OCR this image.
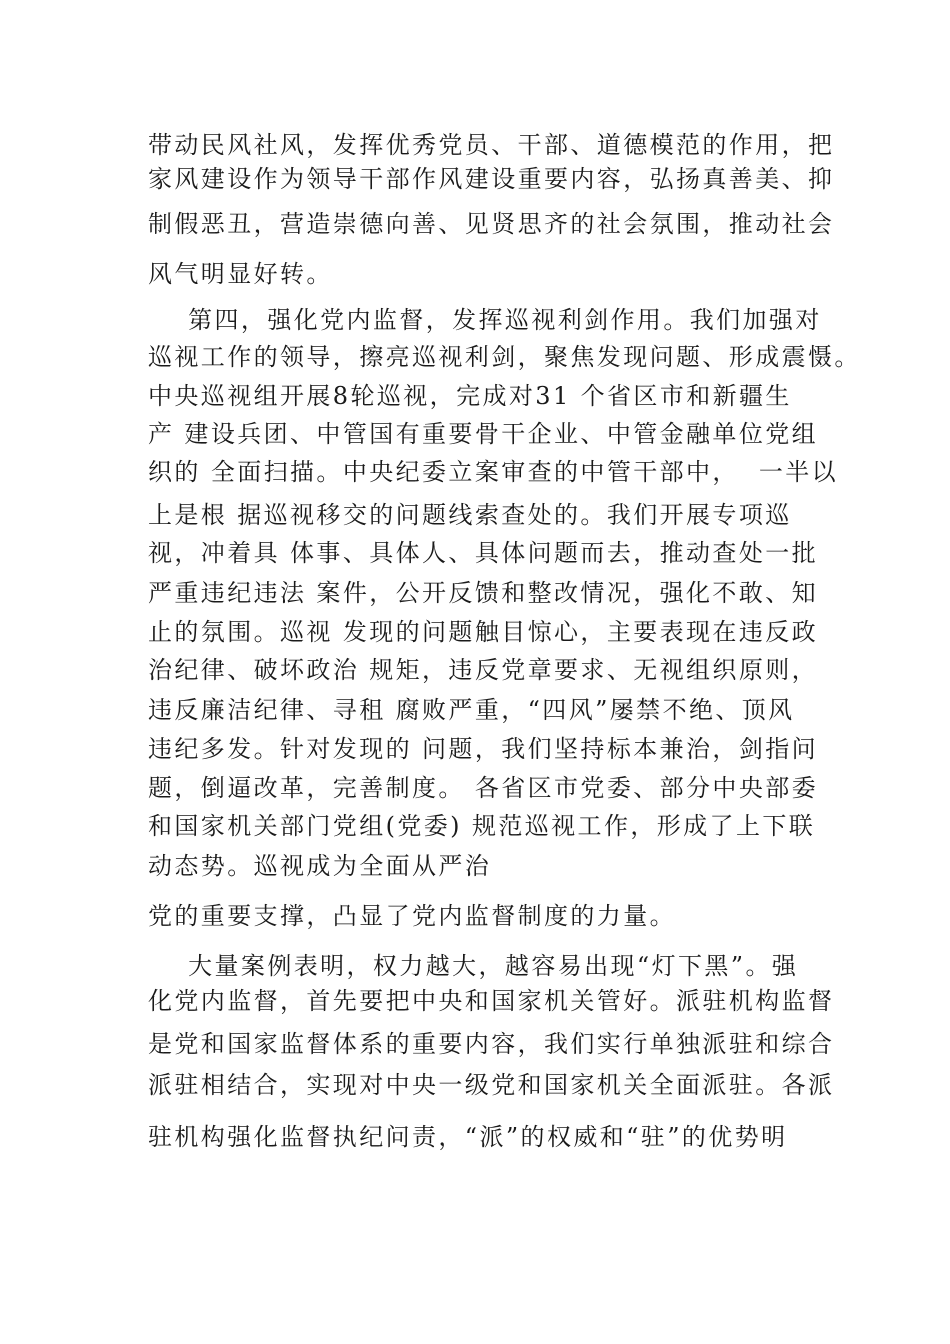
带动民风社风，发挥优秀党员、干部、道德模范的作用，把
家风建设作为领导干部作风建设重要内容，弘扬真善美、抑
制假恶丑，营造崇德向善、见贤思齐的社会氛围，推动社会
风气明显好转。
第四，强化党内监督，发挥巡视利剑作用。我们加强对
巡视工作的领导，擦亮巡视利剑，聚焦发现问题、形成震慑。
中央巡视组开展8轮巡视，完成对31 个省区市和新疆生
产 建设兵团、中管国有重要骨干企业、中管金融单位党组
织的 全面扫描。中央纪委立案审查的中管干部中，  一半以
上是根 据巡视移交的问题线索查处的。我们开展专项巡
视，冲着具 体事、具体人、具体问题而去，推动查处一批
严重违纪违法 案件，公开反馈和整改情况，强化不敢、知
止的氛围。巡视 发现的问题触目惊心，主要表现在违反政
治纪律、破坏政治 规矩，违反党章要求、无视组织原则，
违反廉洁纪律、寻租 腐败严重，“四风”屡禁不绝、顶风
违纪多发。针对发现的 问题，我们坚持标本兼治，剑指问
题，倒逼改革，完善制度。 各省区市党委、部分中央部委
和国家机关部门党组(党委) 规范巡视工作，形成了上下联
动态势。巡视成为全面从严治
党的重要支撑，凸显了党内监督制度的力量。
大量案例表明，权力越大，越容易出现“灯下黑”。强
化党内监督，首先要把中央和国家机关管好。派驻机构监督
是党和国家监督体系的重要内容，我们实行单独派驻和综合
派驻相结合，实现对中央一级党和国家机关全面派驻。各派
驻机构强化监督执纪问责，“派”的权威和“驻”的优势明
